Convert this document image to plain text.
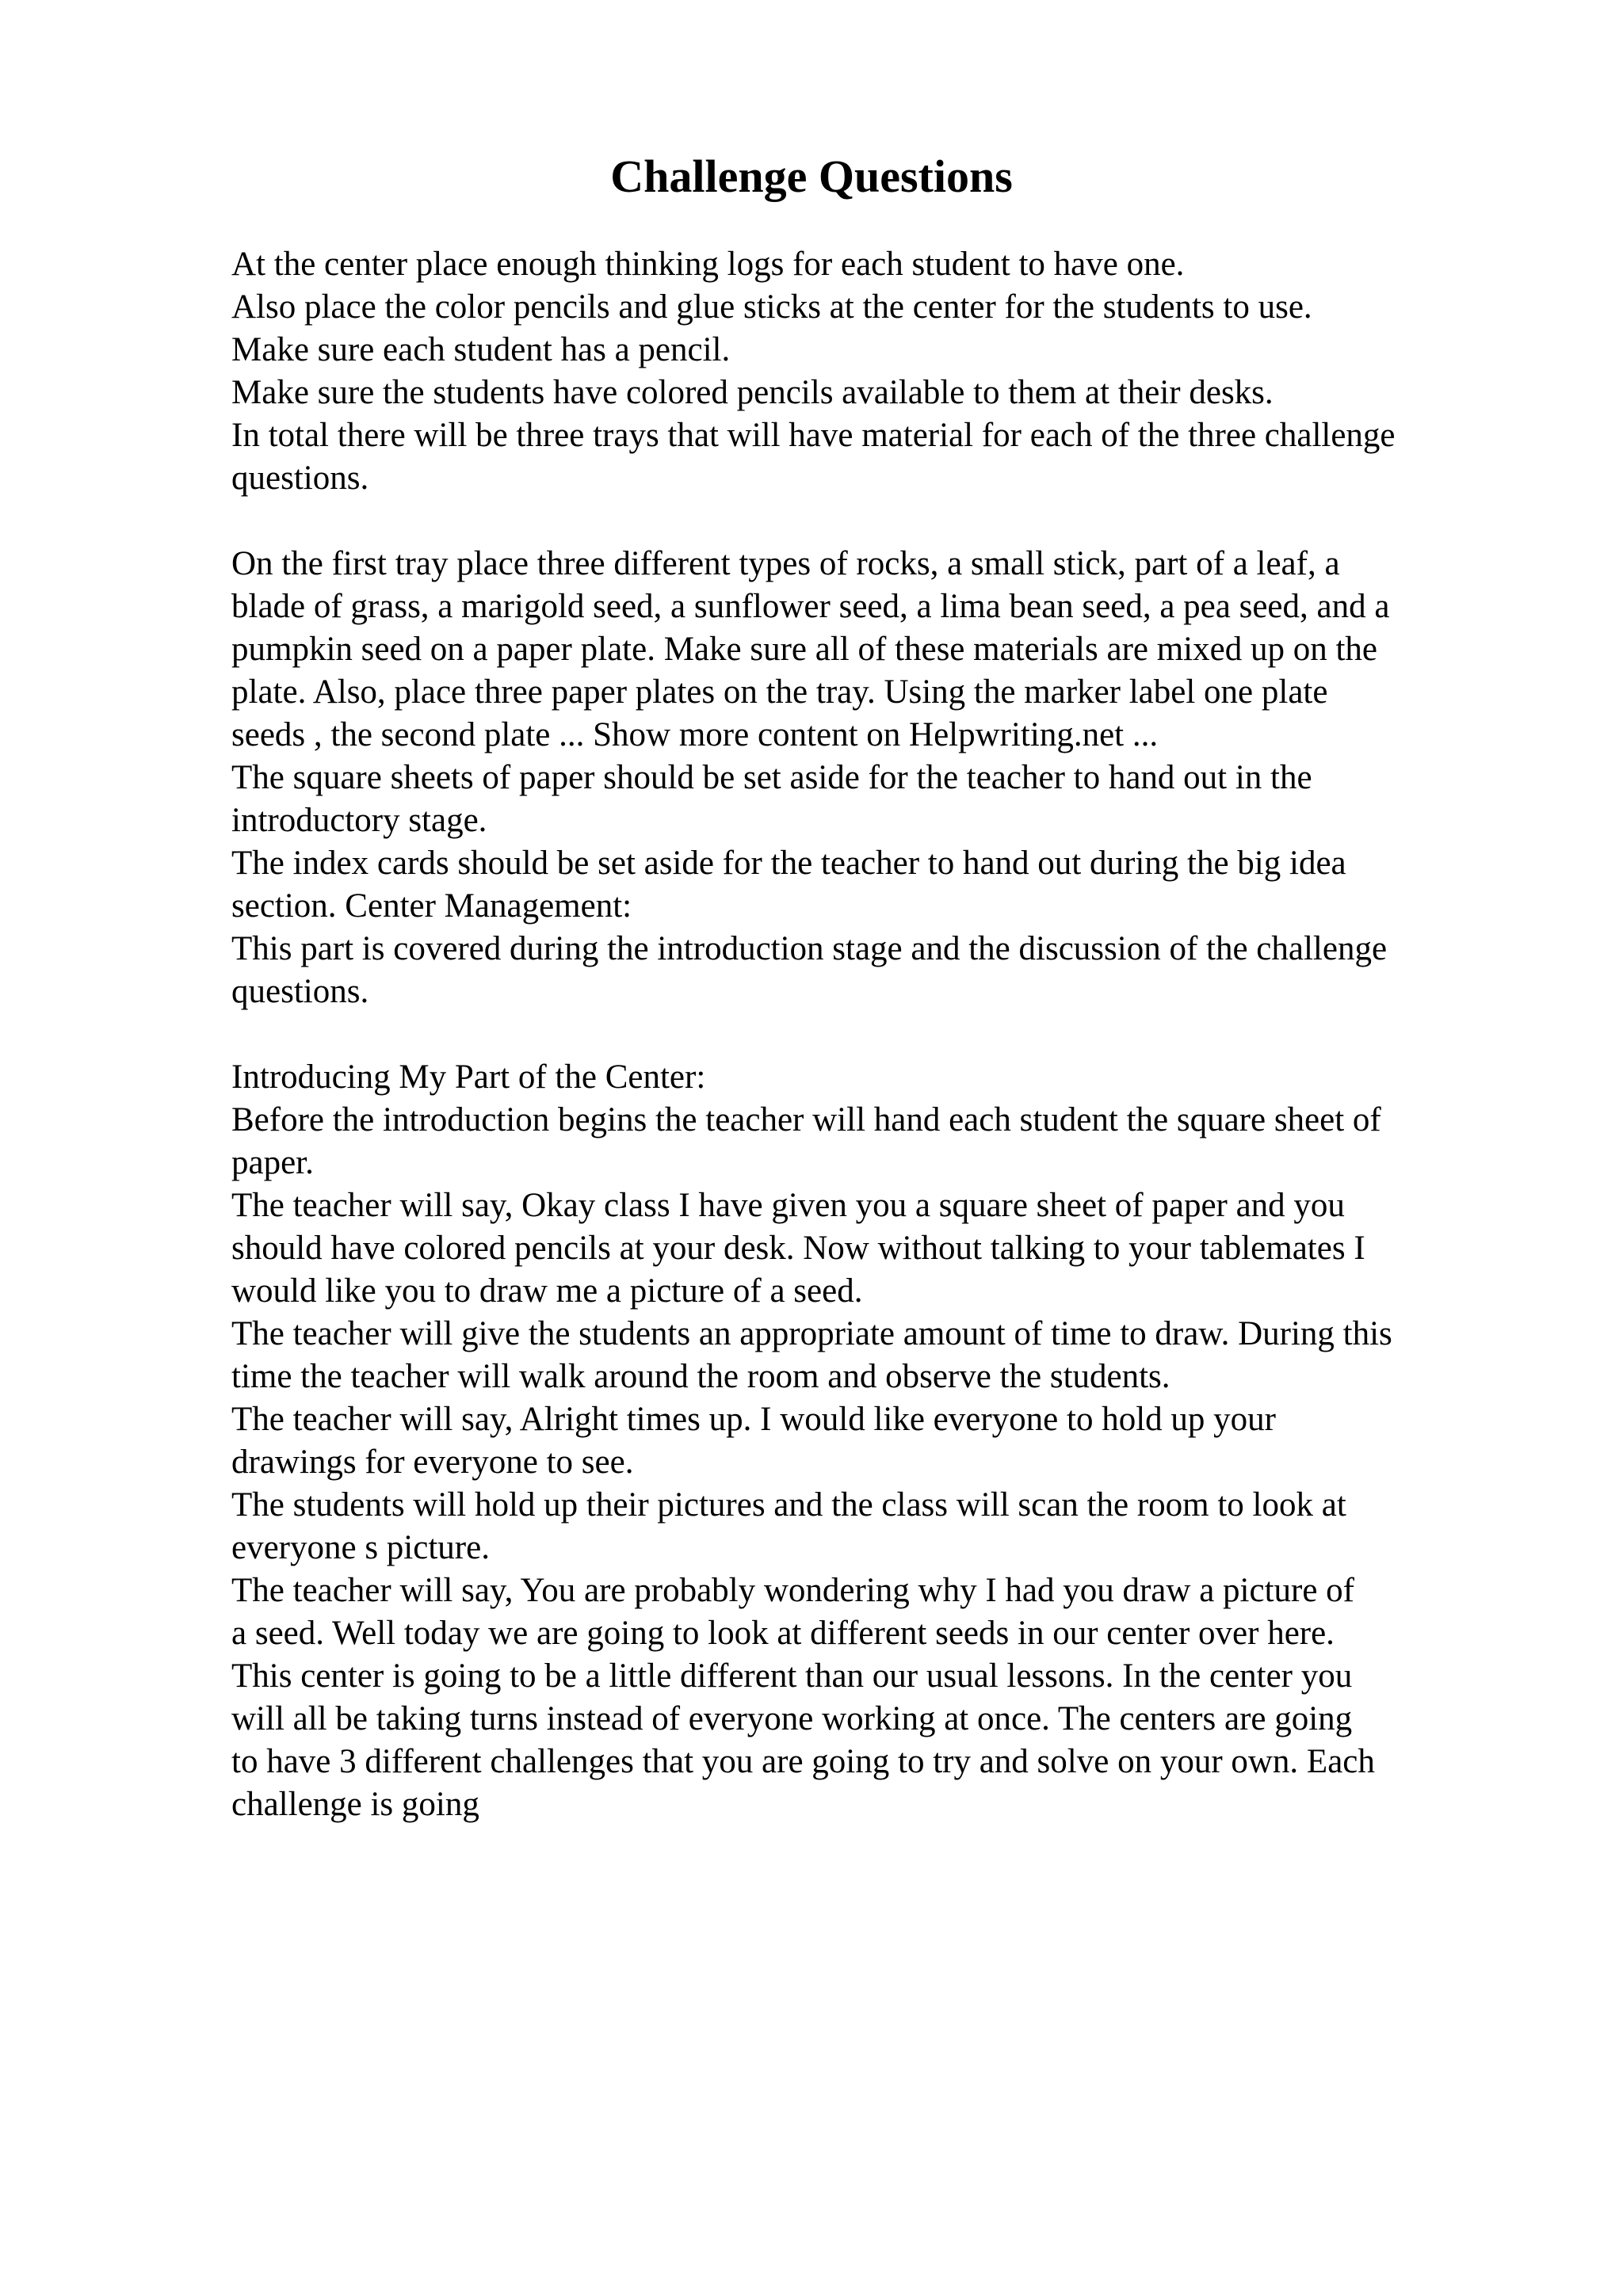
Challenge Questions
At the center place enough thinking logs for each student to have one.
Also place the color pencils and glue sticks at the center for the students to use.
Make sure each student has a pencil.
Make sure the students have colored pencils available to them at their desks.
In total there will be three trays that will have material for each of the three challenge
questions.
On the first tray place three different types of rocks, a small stick, part of a leaf, a
blade of grass, a marigold seed, a sunflower seed, a lima bean seed, a pea seed, and a
pumpkin seed on a paper plate. Make sure all of these materials are mixed up on the
plate. Also, place three paper plates on the tray. Using the marker label one plate
seeds , the second plate ... Show more content on Helpwriting.net ...
The square sheets of paper should be set aside for the teacher to hand out in the
introductory stage.
The index cards should be set aside for the teacher to hand out during the big idea
section. Center Management:
This part is covered during the introduction stage and the discussion of the challenge
questions.
Introducing My Part of the Center:
Before the introduction begins the teacher will hand each student the square sheet of
paper.
The teacher will say, Okay class I have given you a square sheet of paper and you
should have colored pencils at your desk. Now without talking to your tablemates I
would like you to draw me a picture of a seed.
The teacher will give the students an appropriate amount of time to draw. During this
time the teacher will walk around the room and observe the students.
The teacher will say, Alright times up. I would like everyone to hold up your
drawings for everyone to see.
The students will hold up their pictures and the class will scan the room to look at
everyone s picture.
The teacher will say, You are probably wondering why I had you draw a picture of
a seed. Well today we are going to look at different seeds in our center over here.
This center is going to be a little different than our usual lessons. In the center you
will all be taking turns instead of everyone working at once. The centers are going
to have 3 different challenges that you are going to try and solve on your own. Each
challenge is going
